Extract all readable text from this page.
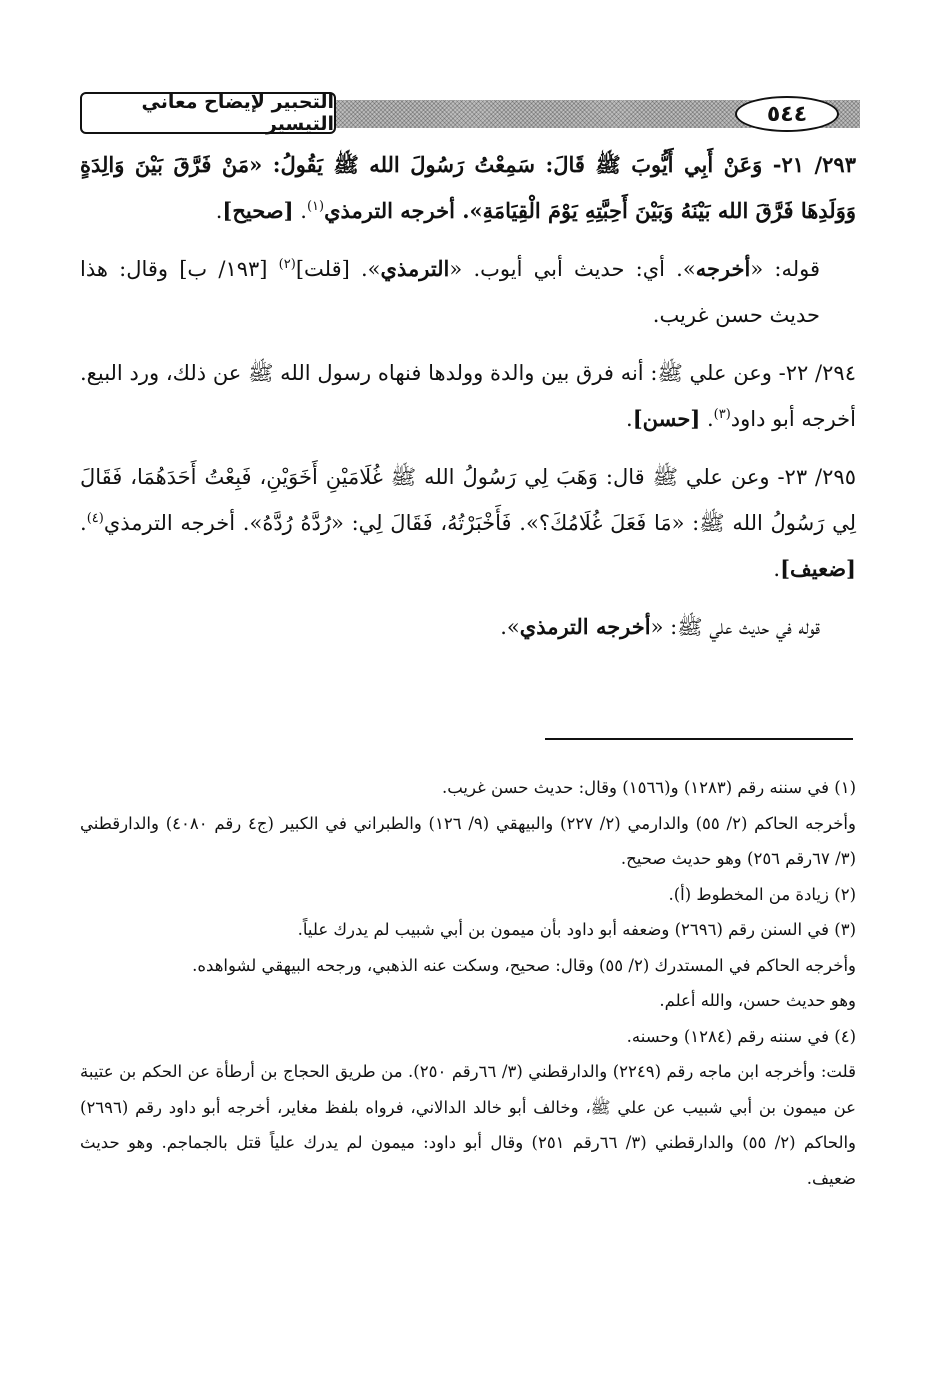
التحبير لإيضاح معاني التيسير	٥٤٤

٢٩٣/ ٢١- وَعَنْ أَبِي أَيُّوبَ ﷺ قَالَ: سَمِعْتُ رَسُولَ الله ﷺ يَقُولُ: «مَنْ فَرَّقَ بَيْنَ وَالِدَةٍ وَوَلَدِهَا فَرَّقَ الله بَيْنَهُ وَبَيْنَ أَحِبَّتِهِ يَوْمَ الْقِيَامَةِ». أخرجه الترمذي$^{(١)}$. [صحيح].

قوله: «أخرجه». أي: حديث أبي أيوب. «الترمذي». [قلت]$^{(٢)}$ [١٩٣/ ب] وقال: هذا حديث حسن غريب.

٢٩٤/ ٢٢- وعن علي ﷺ: أنه فرق بين والدة وولدها فنهاه رسول الله ﷺ عن ذلك، ورد البيع. أخرجه أبو داود$^{(٣)}$. [حسن].

٢٩٥/ ٢٣- وعن علي ﷺ قال: وَهَبَ لِي رَسُولُ الله ﷺ غُلَامَيْنِ أَخَوَيْنِ، فَبِعْتُ أَحَدَهُمَا، فَقَالَ لِي رَسُولُ الله ﷺ: «مَا فَعَلَ غُلَامُكَ؟». فَأَخْبَرْتُهُ، فَقَالَ لِي: «رُدَّهُ رُدَّهُ». أخرجه الترمذي$^{(٤)}$. [ضعيف].

قوله في حديث علي ﷺ: «أخرجه الترمذي».

(١) في سننه رقم (١٢٨٣) و(١٥٦٦) وقال: حديث حسن غريب.

وأخرجه الحاكم (٢/ ٥٥) والدارمي (٢/ ٢٢٧) والبيهقي (٩/ ١٢٦) والطبراني في الكبير (ج٤ رقم ٤٠٨٠) والدارقطني (٣/ ٦٧رقم ٢٥٦) وهو حديث صحيح.

(٢) زيادة من المخطوط (أ).

(٣) في السنن رقم (٢٦٩٦) وضعفه أبو داود بأن ميمون بن أبي شبيب لم يدرك علياً.

وأخرجه الحاكم في المستدرك (٢/ ٥٥) وقال: صحيح، وسكت عنه الذهبي، ورجحه البيهقي لشواهده.

وهو حديث حسن، والله أعلم.

(٤) في سننه رقم (١٢٨٤) وحسنه.

قلت: وأخرجه ابن ماجه رقم (٢٢٤٩) والدارقطني (٣/ ٦٦رقم ٢٥٠). من طريق الحجاج بن أرطأة عن الحكم بن عتيبة عن ميمون بن أبي شبيب عن علي ﷺ، وخالف أبو خالد الدالاني، فرواه بلفظ مغاير، أخرجه أبو داود رقم (٢٦٩٦) والحاكم (٢/ ٥٥) والدارقطني (٣/ ٦٦رقم ٢٥١) وقال أبو داود: ميمون لم يدرك علياً قتل بالجماجم. وهو حديث ضعيف.
